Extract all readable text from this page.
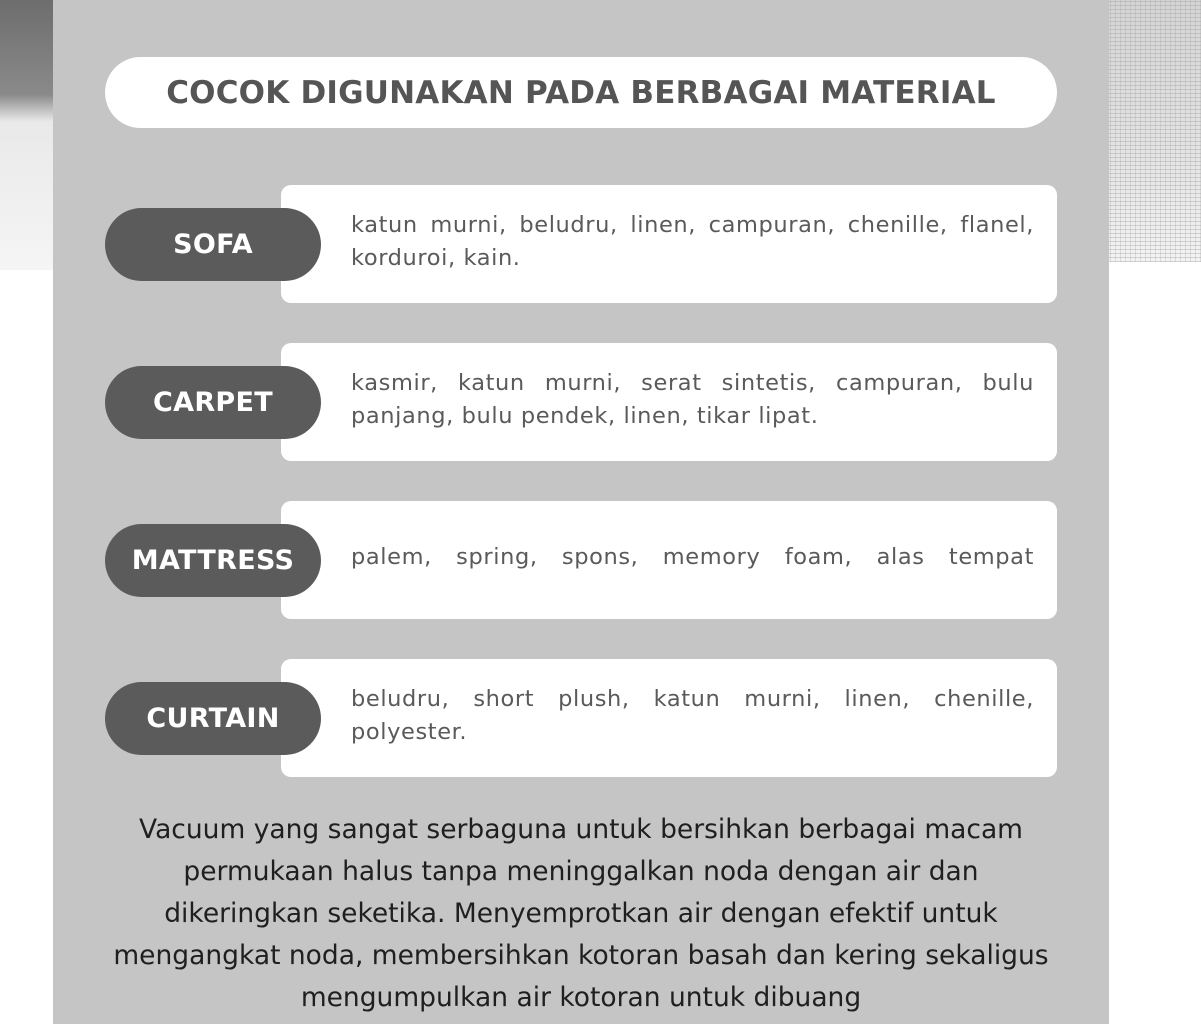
COCOK DIGUNAKAN PADA BERBAGAI MATERIAL

katun murni, beludru, linen, campuran, chenille, flanel, korduroi, kain.

SOFA

kasmir, katun murni, serat sintetis, campuran, bulu panjang, bulu pendek, linen, tikar lipat.

CARPET

palem, spring, spons, memory foam, alas tempat

MATTRESS

beludru, short plush, katun murni, linen, chenille, polyester.

CURTAIN

Vacuum yang sangat serbaguna untuk bersihkan berbagai macam permukaan halus tanpa meninggalkan noda dengan air dan dikeringkan seketika. Menyemprotkan air dengan efektif untuk mengangkat noda, membersihkan kotoran basah dan kering sekaligus mengumpulkan air kotoran untuk dibuang
